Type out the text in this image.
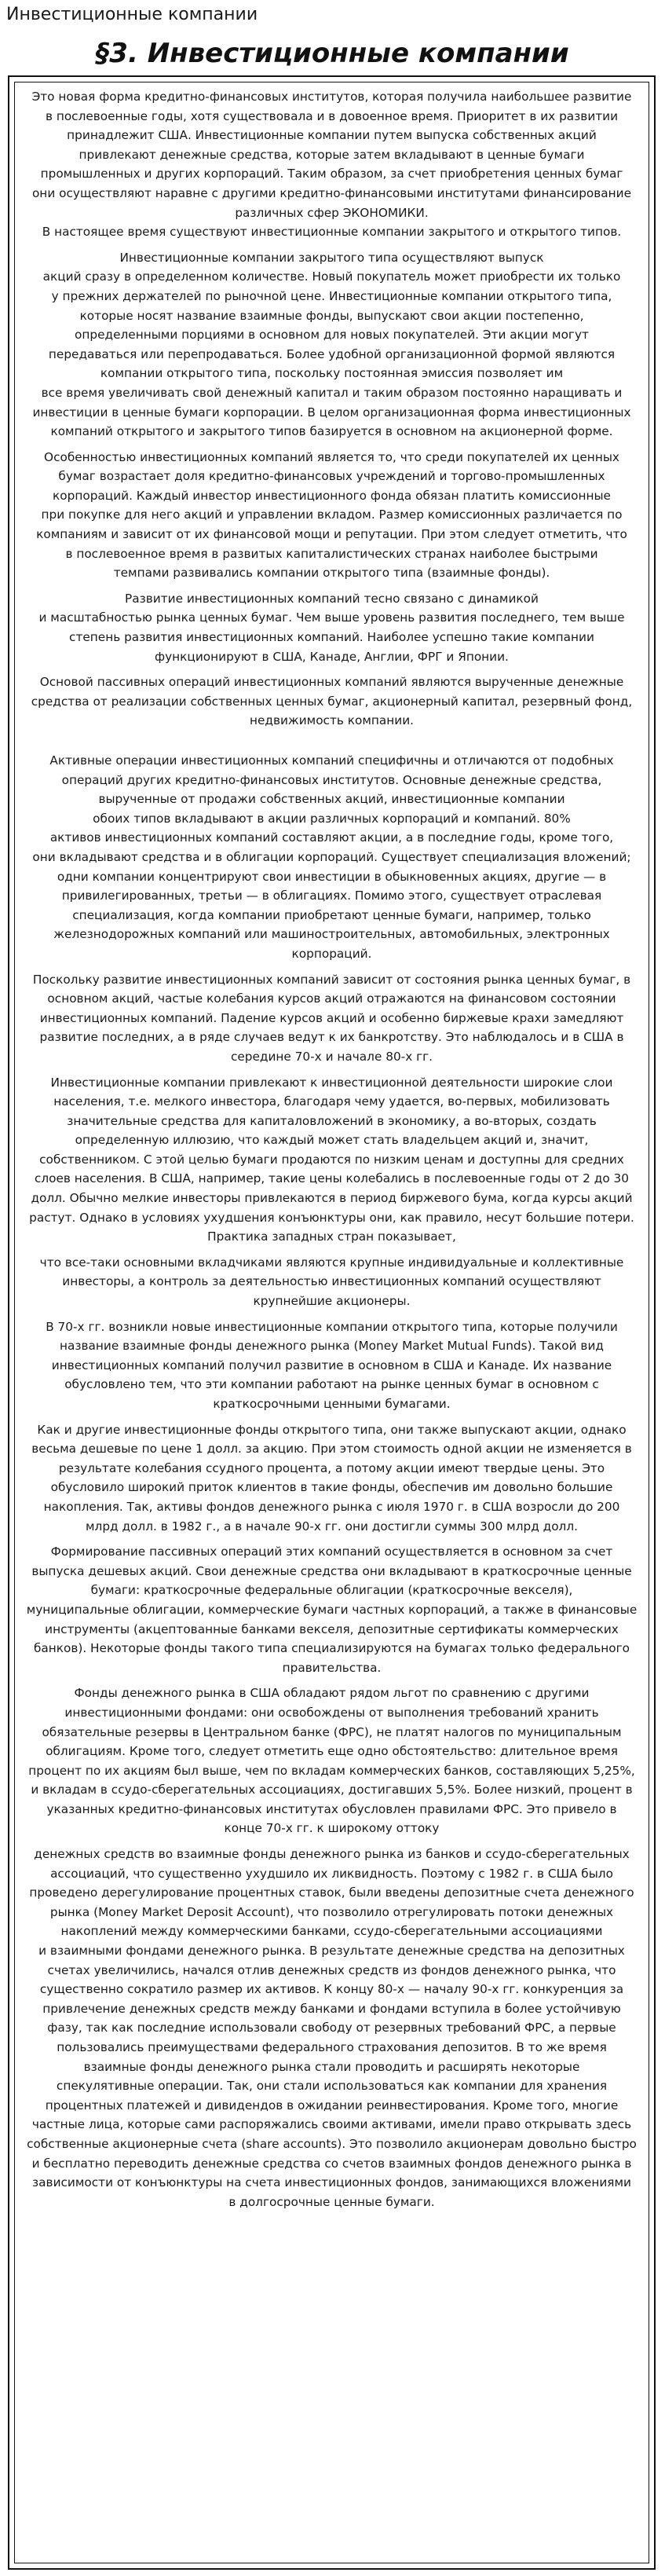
Инвестиционные компании
§3. Инвестиционные компании

Это новая форма кредитно-финансовых институтов, которая получила наибольшее развитие
в послевоенные годы, хотя существовала и в довоенное время. Приоритет в их развитии
принадлежит США. Инвестиционные компании путем выпуска собственных акций
привлекают денежные средства, которые затем вкладывают в ценные бумаги
промышленных и других корпораций. Таким образом, за счет приобретения ценных бумаг
они осуществляют наравне с другими кредитно-финансовыми институтами финансирование
различных сфер ЭКОНОМИКИ.
В настоящее время существуют инвестиционные компании закрытого и открытого типов.

Инвестиционные компании закрытого типа осуществляют выпуск
акций сразу в определенном количестве. Новый покупатель может приобрести их только
у прежних держателей по рыночной цене. Инвестиционные компании открытого типа,
которые носят название взаимные фонды, выпускают свои акции постепенно,
определенными порциями в основном для новых покупателей. Эти акции могут
передаваться или перепродаваться. Более удобной организационной формой являются
компании открытого типа, поскольку постоянная эмиссия позволяет им
все время увеличивать свой денежный капитал и таким образом постоянно наращивать и
инвестиции в ценные бумаги корпорации. В целом организационная форма инвестиционных
компаний открытого и закрытого типов базируется в основном на акционерной форме.

Особенностью инвестиционных компаний является то, что среди покупателей их ценных
бумаг возрастает доля кредитно-финансовых учреждений и торгово-промышленных
корпораций. Каждый инвестор инвестиционного фонда обязан платить комиссионные
при покупке для него акций и управлении вкладом. Размер комиссионных различается по
компаниям и зависит от их финансовой мощи и репутации. При этом следует отметить, что
в послевоенное время в развитых капиталистических странах наиболее быстрыми
темпами развивались компании открытого типа (взаимные фонды).

Развитие инвестиционных компаний тесно связано с динамикой
и масштабностью рынка ценных бумаг. Чем выше уровень развития последнего, тем выше
степень развития инвестиционных компаний. Наиболее успешно такие компании
функционируют в США, Канаде, Англии, ФРГ и Японии.

Основой пассивных операций инвестиционных компаний являются вырученные денежные
средства от реализации собственных ценных бумаг, акционерный капитал, резервный фонд,
недвижимость компании.

Активные операции инвестиционных компаний специфичны и отличаются от подобных
операций других кредитно-финансовых институтов. Основные денежные средства,
вырученные от продажи собственных акций, инвестиционные компании
обоих типов вкладывают в акции различных корпораций и компаний. 80%
активов инвестиционных компаний составляют акции, а в последние годы, кроме того,
они вкладывают средства и в облигации корпораций. Существует специализация вложений;
одни компании концентрируют свои инвестиции в обыкновенных акциях, другие — в
привилегированных, третьи — в облигациях. Помимо этого, существует отраслевая
специализация, когда компании приобретают ценные бумаги, например, только
железнодорожных компаний или машиностроительных, автомобильных, электронных
корпораций.

Поскольку развитие инвестиционных компаний зависит от состояния рынка ценных бумаг, в
основном акций, частые колебания курсов акций отражаются на финансовом состоянии
инвестиционных компаний. Падение курсов акций и особенно биржевые крахи замедляют
развитие последних, а в ряде случаев ведут к их банкротству. Это наблюдалось и в США в
середине 70-х и начале 80-х гг.

Инвестиционные компании привлекают к инвестиционной деятельности широкие слои
населения, т.е. мелкого инвестора, благодаря чему удается, во-первых, мобилизовать
значительные средства для капиталовложений в экономику, а во-вторых, создать
определенную иллюзию, что каждый может стать владельцем акций и, значит,
собственником. С этой целью бумаги продаются по низким ценам и доступны для средних
слоев населения. В США, например, такие цены колебались в послевоенные годы от 2 до 30
долл. Обычно мелкие инвесторы привлекаются в период биржевого бума, когда курсы акций
растут. Однако в условиях ухудшения конъюнктуры они, как правило, несут большие потери.
Практика западных стран показывает,

что все-таки основными вкладчиками являются крупные индивидуальные и коллективные
инвесторы, а контроль за деятельностью инвестиционных компаний осуществляют
крупнейшие акционеры.

В 70-х гг. возникли новые инвестиционные компании открытого типа, которые получили
название взаимные фонды денежного рынка (Money Market Mutual Funds). Такой вид
инвестиционных компаний получил развитие в основном в США и Канаде. Их название
обусловлено тем, что эти компании работают на рынке ценных бумаг в основном с
краткосрочными ценными бумагами.

Как и другие инвестиционные фонды открытого типа, они также выпускают акции, однако
весьма дешевые по цене 1 долл. за акцию. При этом стоимость одной акции не изменяется в
результате колебания ссудного процента, а потому акции имеют твердые цены. Это
обусловило широкий приток клиентов в такие фонды, обеспечив им довольно большие
накопления. Так, активы фондов денежного рынка с июля 1970 г. в США возросли до 200
млрд долл. в 1982 г., а в начале 90-х гг. они достигли суммы 300 млрд долл.

Формирование пассивных операций этих компаний осуществляется в основном за счет
выпуска дешевых акций. Свои денежные средства они вкладывают в краткосрочные ценные
бумаги: краткосрочные федеральные облигации (краткосрочные векселя),
муниципальные облигации, коммерческие бумаги частных корпораций, а также в финансовые
инструменты (акцептованные банками векселя, депозитные сертификаты коммерческих
банков). Некоторые фонды такого типа специализируются на бумагах только федерального
правительства.

Фонды денежного рынка в США обладают рядом льгот по сравнению с другими
инвестиционными фондами: они освобождены от выполнения требований хранить
обязательные резервы в Центральном банке (ФРС), не платят налогов по муниципальным
облигациям. Кроме того, следует отметить еще одно обстоятельство: длительное время
процент по их акциям был выше, чем по вкладам коммерческих банков, составляющих 5,25%,
и вкладам в ссудо-сберегательных ассоциациях, достигавших 5,5%. Более низкий, процент в
указанных кредитно-финансовых институтах обусловлен правилами ФРС. Это привело в
конце 70-х гг. к широкому оттоку

денежных средств во взаимные фонды денежного рынка из банков и ссудо-сберегательных
ассоциаций, что существенно ухудшило их ликвидность. Поэтому с 1982 г. в США было
проведено дерегулирование процентных ставок, были введены депозитные счета денежного
рынка (Money Market Deposit Account), что позволило отрегулировать потоки денежных
накоплений между коммерческими банками, ссудо-сберегательными ассоциациями
и взаимными фондами денежного рынка. В результате денежные средства на депозитных
счетах увеличились, начался отлив денежных средств из фондов денежного рынка, что
существенно сократило размер их активов. К концу 80-х — началу 90-х гг. конкуренция за
привлечение денежных средств между банками и фондами вступила в более устойчивую
фазу, так как последние использовали свободу от резервных требований ФРС, а первые
пользовались преимуществами федерального страхования депозитов. В то же время
взаимные фонды денежного рынка стали проводить и расширять некоторые
спекулятивные операции. Так, они стали использоваться как компании для хранения
процентных платежей и дивидендов в ожидании реинвестирования. Кроме того, многие
частные лица, которые сами распоряжались своими активами, имели право открывать здесь
собственные акционерные счета (share accounts). Это позволило акционерам довольно быстро
и бесплатно переводить денежные средства со счетов взаимных фондов денежного рынка в
зависимости от конъюнктуры на счета инвестиционных фондов, занимающихся вложениями
в долгосрочные ценные бумаги.
